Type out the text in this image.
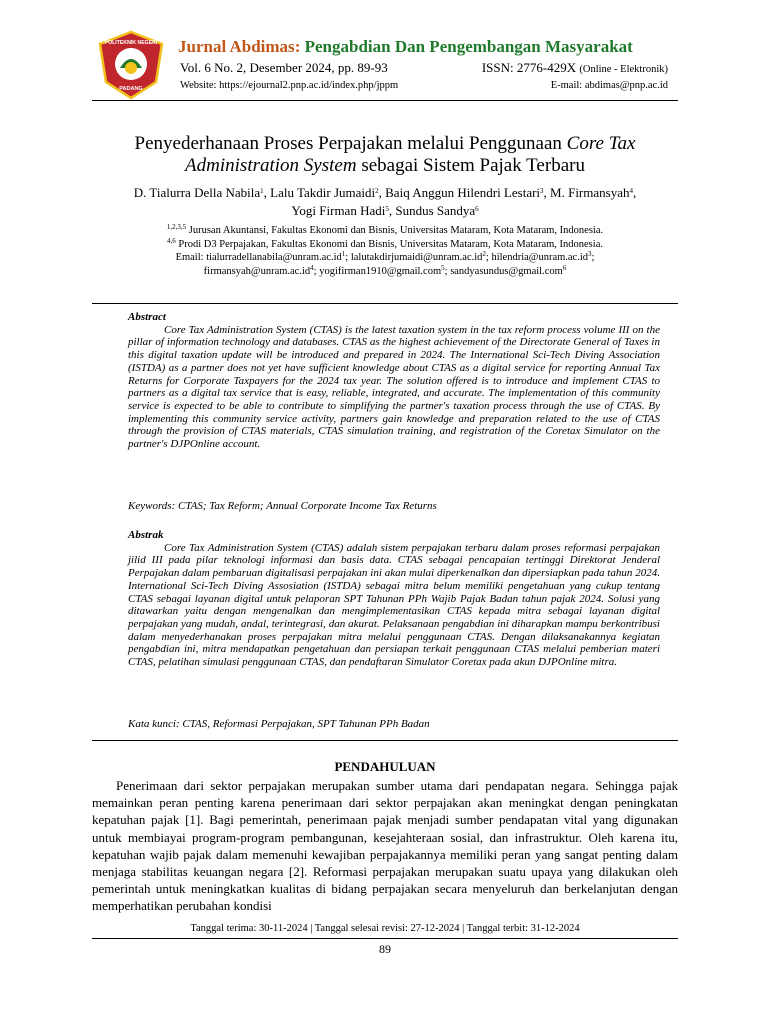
POLITEKNIK NEGERI
PADANG
Jurnal Abdimas: Pengabdian Dan Pengembangan Masyarakat
Vol. 6 No. 2, Desember 2024, pp. 89-93	ISSN: 2776-429X (Online - Elektronik)
Website: https://ejournal2.pnp.ac.id/index.php/jppm	E-mail: abdimas@pnp.ac.id
Penyederhanaan Proses Perpajakan melalui Penggunaan Core Tax Administration System sebagai Sistem Pajak Terbaru
D. Tialurra Della Nabila$^1$, Lalu Takdir Jumaidi$^2$, Baiq Anggun Hilendri Lestari$^3$, M. Firmansyah$^4$,
Yogi Firman Hadi$^5$, Sundus Sandya$^6$
$^{1,2,3,5}$ Jurusan Akuntansi, Fakultas Ekonomi dan Bisnis, Universitas Mataram, Kota Mataram, Indonesia.
$^{4,6}$ Prodi D3 Perpajakan, Fakultas Ekonomi dan Bisnis, Universitas Mataram, Kota Mataram, Indonesia.
Email: $tialurradellanabila@unram.ac.id^1$; $lalutakdirjumaidi@unram.ac.id^2$; $hilendria@unram.ac.id^3$;
$firmansyah@unram.ac.id^4$; yogifirman1910@gmail.com$^5$; sandyasundus@gmail.com$^6$
Abstract
Core Tax Administration System (CTAS) is the latest taxation system in the tax reform process volume III on the pillar of information technology and databases. CTAS as the highest achievement of the Directorate General of Taxes in this digital taxation update will be introduced and prepared in 2024. The International Sci-Tech Diving Association (ISTDA) as a partner does not yet have sufficient knowledge about CTAS as a digital service for reporting Annual Tax Returns for Corporate Taxpayers for the 2024 tax year. The solution offered is to introduce and implement CTAS to partners as a digital tax service that is easy, reliable, integrated, and accurate. The implementation of this community service is expected to be able to contribute to simplifying the partner's taxation process through the use of CTAS. By implementing this community service activity, partners gain knowledge and preparation related to the use of CTAS through the provision of CTAS materials, CTAS simulation training, and registration of the Coretax Simulator on the partner's DJPOnline account.
Keywords: CTAS; Tax Reform; Annual Corporate Income Tax Returns
Abstrak
Core Tax Administration System (CTAS) adalah sistem perpajakan terbaru dalam proses reformasi perpajakan jilid III pada pilar teknologi informasi dan basis data. CTAS sebagai pencapaian tertinggi Direktorat Jenderal Perpajakan dalam pembaruan digitalisasi perpajakan ini akan mulai diperkenalkan dan dipersiapkan pada tahun 2024. International Sci-Tech Diving Assosiation (ISTDA) sebagai mitra belum memiliki pengetahuan yang cukup tentang CTAS sebagai layanan digital untuk pelaporan SPT Tahunan PPh Wajib Pajak Badan tahun pajak 2024. Solusi yang ditawarkan yaitu dengan mengenalkan dan mengimplementasikan CTAS kepada mitra sebagai layanan digital perpajakan yang mudah, andal, terintegrasi, dan akurat. Pelaksanaan pengabdian ini diharapkan mampu berkontribusi dalam menyederhanakan proses perpajakan mitra melalui penggunaan CTAS. Dengan dilaksanakannya kegiatan pengabdian ini, mitra mendapatkan pengetahuan dan persiapan terkait penggunaan CTAS melalui pemberian materi CTAS, pelatihan simulasi penggunaan CTAS, dan pendaftaran Simulator Coretax pada akun DJPOnline mitra.
Kata kunci: CTAS, Reformasi Perpajakan, SPT Tahunan PPh Badan
PENDAHULUAN
Penerimaan dari sektor perpajakan merupakan sumber utama dari pendapatan negara. Sehingga pajak memainkan peran penting karena penerimaan dari sektor perpajakan akan meningkat dengan peningkatan kepatuhan pajak [1]. Bagi pemerintah, penerimaan pajak menjadi sumber pendapatan vital yang digunakan untuk membiayai program-program pembangunan, kesejahteraan sosial, dan infrastruktur. Oleh karena itu, kepatuhan wajib pajak dalam memenuhi kewajiban perpajakannya memiliki peran yang sangat penting dalam menjaga stabilitas keuangan negara [2]. Reformasi perpajakan merupakan suatu upaya yang dilakukan oleh pemerintah untuk meningkatkan kualitas di bidang perpajakan secara menyeluruh dan berkelanjutan dengan memperhatikan perubahan kondisi
Tanggal terima: 30-11-2024 | Tanggal selesai revisi: 27-12-2024 | Tanggal terbit: 31-12-2024
89
